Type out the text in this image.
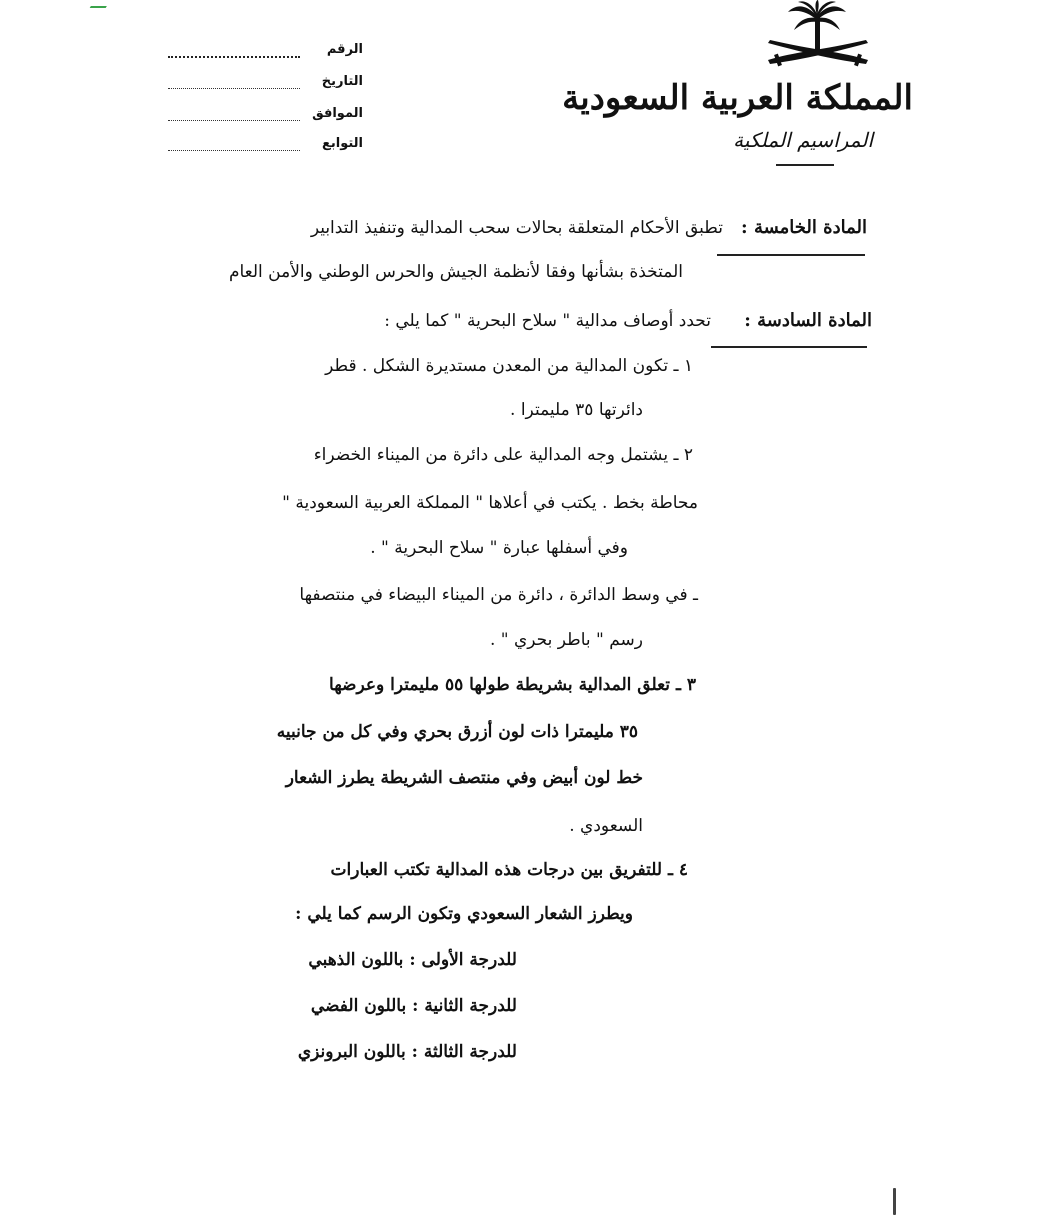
المملكة العربية السعودية
المراسيم الملكية
الرقم
التاريخ
الموافق
التوابع
المادة الخامسة :
تطبق الأحكام المتعلقة بحالات سحب المدالية وتنفيذ التدابير
المتخذة بشأنها وفقا لأنظمة الجيش والحرس الوطني والأمن العام
المادة السادسة :
تحدد أوصاف مدالية " سلاح البحرية " كما يلي :
١ ـ تكون المدالية من المعدن مستديرة الشكل . قطر
دائرتها ٣٥ مليمترا .
٢ ـ يشتمل وجه المدالية على دائرة من الميناء الخضراء
محاطة بخط . يكتب في أعلاها " المملكة العربية السعودية "
وفي أسفلها عبارة " سلاح البحرية " .
ـ في وسط الدائرة ، دائرة من الميناء البيضاء في منتصفها
رسم " باطر بحري " .
٣ ـ تعلق المدالية بشريطة طولها ٥٥ مليمترا وعرضها
٣٥ مليمترا ذات لون أزرق بحري وفي كل من جانبيه
خط لون أبيض وفي منتصف الشريطة يطرز الشعار
السعودي .
٤ ـ للتفريق بين درجات هذه المدالية تكتب العبارات
ويطرز الشعار السعودي وتكون الرسم كما يلي :
للدرجة الأولى : باللون الذهبي
للدرجة الثانية : باللون الفضي
للدرجة الثالثة : باللون البرونزي
